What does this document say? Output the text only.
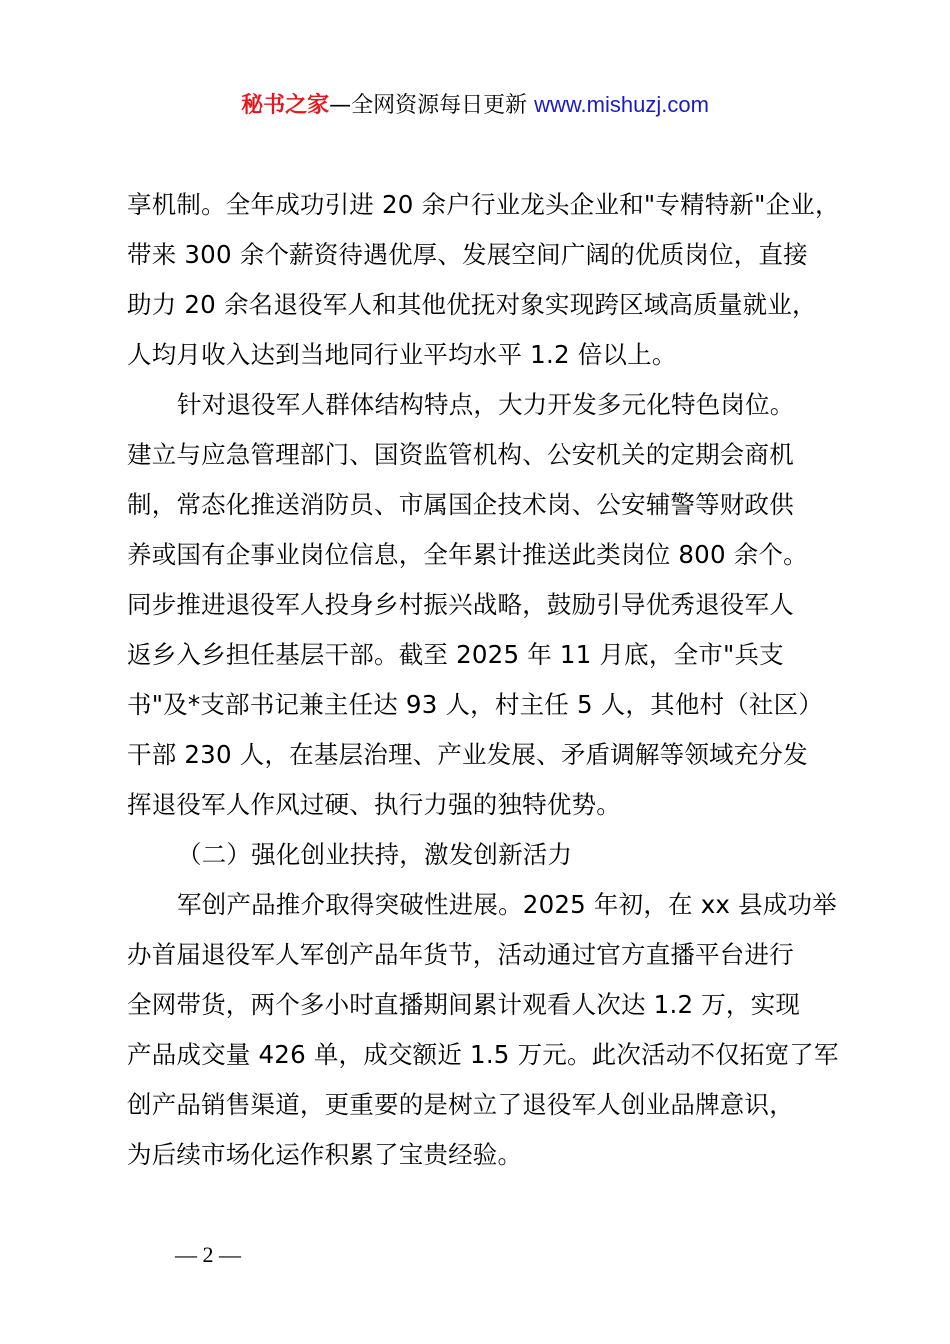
秘书之家—全网资源每日更新 www.mishuzj.com
享机制。全年成功引进 20 余户行业龙头企业和"专精特新"企业，
带来 300 余个薪资待遇优厚、发展空间广阔的优质岗位，直接
助力 20 余名退役军人和其他优抚对象实现跨区域高质量就业，
人均月收入达到当地同行业平均水平 1.2 倍以上。
针对退役军人群体结构特点，大力开发多元化特色岗位。
建立与应急管理部门、国资监管机构、公安机关的定期会商机
制，常态化推送消防员、市属国企技术岗、公安辅警等财政供
养或国有企事业岗位信息，全年累计推送此类岗位 800 余个。
同步推进退役军人投身乡村振兴战略，鼓励引导优秀退役军人
返乡入乡担任基层干部。截至 2025 年 11 月底，全市"兵支
书"及*支部书记兼主任达 93 人，村主任 5 人，其他村（社区）
干部 230 人，在基层治理、产业发展、矛盾调解等领域充分发
挥退役军人作风过硬、执行力强的独特优势。
（二）强化创业扶持，激发创新活力
军创产品推介取得突破性进展。2025 年初，在 xx 县成功举
办首届退役军人军创产品年货节，活动通过官方直播平台进行
全网带货，两个多小时直播期间累计观看人次达 1.2 万，实现
产品成交量 426 单，成交额近 1.5 万元。此次活动不仅拓宽了军
创产品销售渠道，更重要的是树立了退役军人创业品牌意识，
为后续市场化运作积累了宝贵经验。
— 2 —
